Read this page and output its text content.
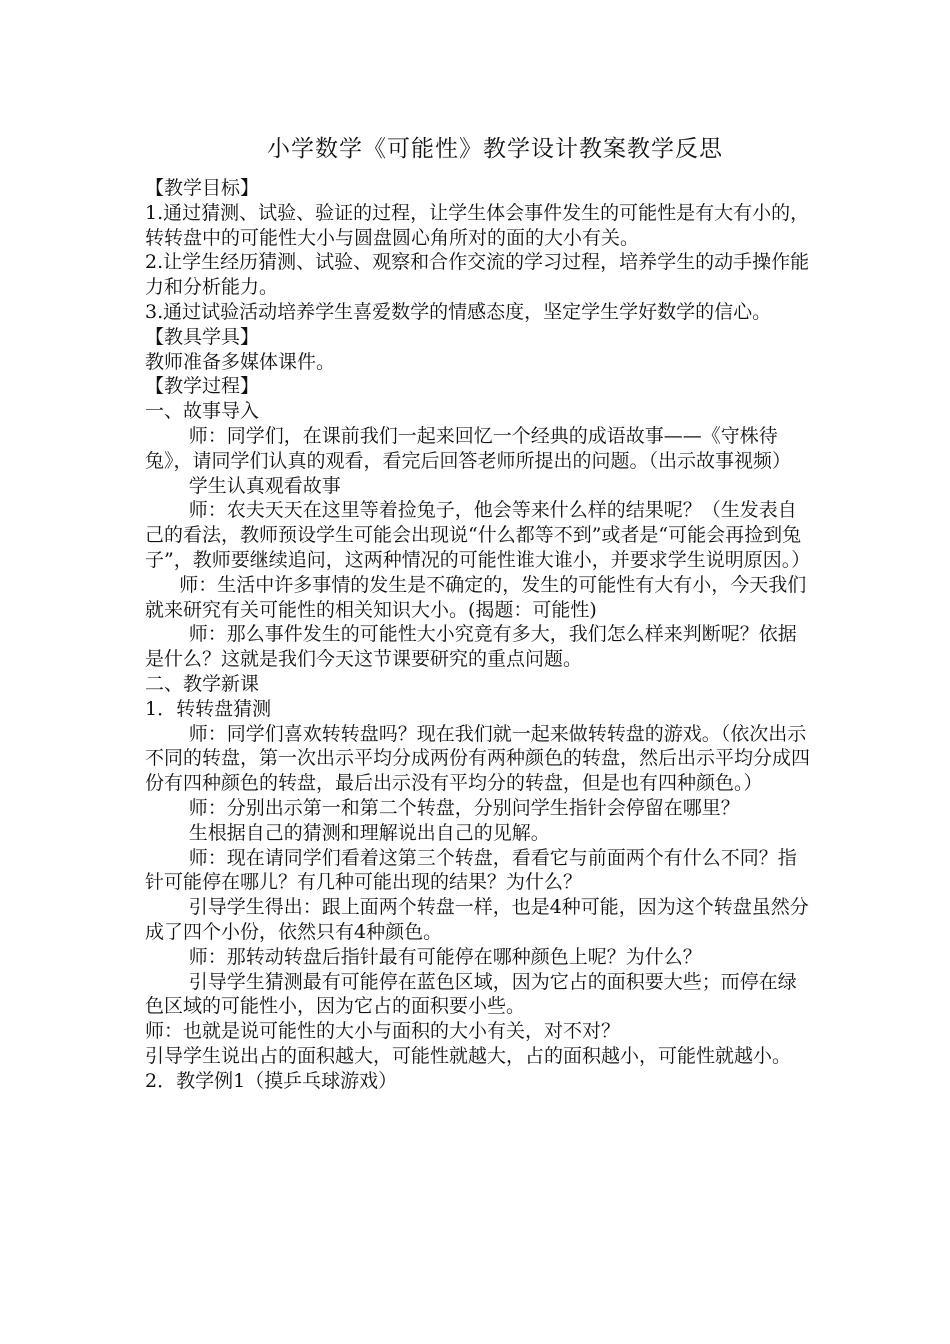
小学数学《可能性》教学设计教案教学反思

【教学目标】

1.通过猜测、试验、验证的过程，让学生体会事件发生的可能性是有大有小的，转转盘中的可能性大小与圆盘圆心角所对的面的大小有关。

2.让学生经历猜测、试验、观察和合作交流的学习过程，培养学生的动手操作能力和分析能力。

3.通过试验活动培养学生喜爱数学的情感态度，坚定学生学好数学的信心。

【教具学具】

教师准备多媒体课件。

【教学过程】

一、故事导入

师：同学们，在课前我们一起来回忆一个经典的成语故事——《守株待兔》，请同学们认真的观看，看完后回答老师所提出的问题。（出示故事视频）

学生认真观看故事

师：农夫天天在这里等着捡兔子，他会等来什么样的结果呢？（生发表自己的看法，教师预设学生可能会出现说“什么都等不到”或者是“可能会再捡到兔子”，教师要继续追问，这两种情况的可能性谁大谁小，并要求学生说明原因。）

师：生活中许多事情的发生是不确定的，发生的可能性有大有小，今天我们就来研究有关可能性的相关知识大小。(揭题：可能性)

师：那么事件发生的可能性大小究竟有多大，我们怎么样来判断呢？依据是什么？这就是我们今天这节课要研究的重点问题。

二、教学新课

1．转转盘猜测

师：同学们喜欢转转盘吗？现在我们就一起来做转转盘的游戏。（依次出示不同的转盘，第一次出示平均分成两份有两种颜色的转盘，然后出示平均分成四份有四种颜色的转盘，最后出示没有平均分的转盘，但是也有四种颜色。）

师：分别出示第一和第二个转盘，分别问学生指针会停留在哪里？

生根据自己的猜测和理解说出自己的见解。

师：现在请同学们看着这第三个转盘，看看它与前面两个有什么不同？指针可能停在哪儿？有几种可能出现的结果？为什么？

引导学生得出：跟上面两个转盘一样，也是4种可能，因为这个转盘虽然分成了四个小份，依然只有4种颜色。

师：那转动转盘后指针最有可能停在哪种颜色上呢？为什么？

引导学生猜测最有可能停在蓝色区域，因为它占的面积要大些；而停在绿色区域的可能性小，因为它占的面积要小些。

师：也就是说可能性的大小与面积的大小有关，对不对？

引导学生说出占的面积越大，可能性就越大，占的面积越小，可能性就越小。

2．教学例1（摸乒乓球游戏）
